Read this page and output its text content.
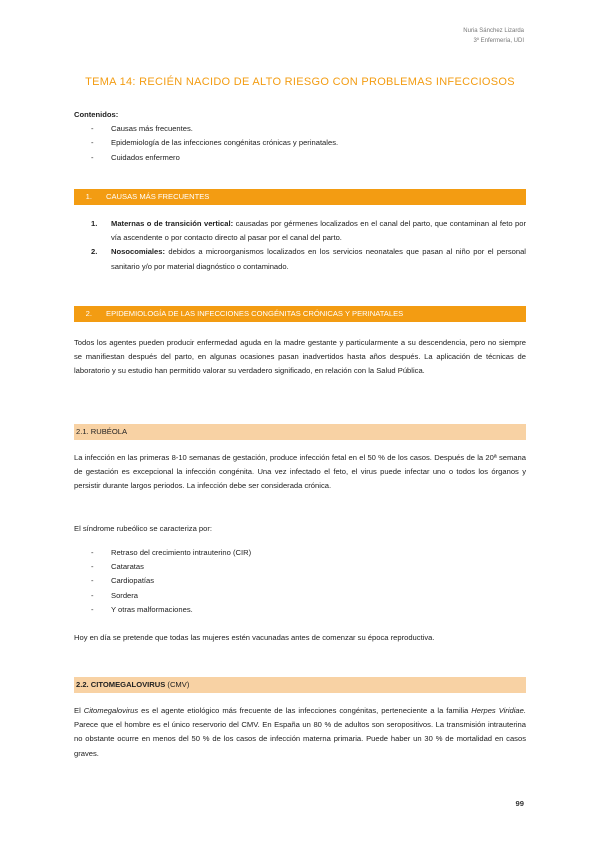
Nuria Sánchez Lizarda
3º Enfermería, UDI
TEMA 14: RECIÉN NACIDO DE ALTO RIESGO CON PROBLEMAS INFECCIOSOS
Contenidos:
- Causas más frecuentes.
- Epidemiología de las infecciones congénitas crónicas y perinatales.
- Cuidados enfermero
1. CAUSAS MÁS FRECUENTES
1. Maternas o de transición vertical: causadas por gérmenes localizados en el canal del parto, que contaminan al feto por vía ascendente o por contacto directo al pasar por el canal del parto.
2. Nosocomiales: debidos a microorganismos localizados en los servicios neonatales que pasan al niño por el personal sanitario y/o por material diagnóstico o contaminado.
2. EPIDEMIOLOGÍA DE LAS INFECCIONES CONGÉNITAS CRÓNICAS Y PERINATALES
Todos los agentes pueden producir enfermedad aguda en la madre gestante y particularmente a su descendencia, pero no siempre se manifiestan después del parto, en algunas ocasiones pasan inadvertidos hasta años después. La aplicación de técnicas de laboratorio y su estudio han permitido valorar su verdadero significado, en relación con la Salud Pública.
2.1. RUBÉOLA
La infección en las primeras 8-10 semanas de gestación, produce infección fetal en el 50 % de los casos. Después de la 20ª semana de gestación es excepcional la infección congénita. Una vez infectado el feto, el virus puede infectar uno o todos los órganos y persistir durante largos periodos. La infección debe ser considerada crónica.
El síndrome rubeólico se caracteriza por:
- Retraso del crecimiento intrauterino (CIR)
- Cataratas
- Cardiopatías
- Sordera
- Y otras malformaciones.
Hoy en día se pretende que todas las mujeres estén vacunadas antes de comenzar su época reproductiva.
2.2. CITOMEGALOVIRUS (CMV)
El Citomegalovirus es el agente etiológico más frecuente de las infecciones congénitas, perteneciente a la familia Herpes Viridiae. Parece que el hombre es el único reservorio del CMV. En España un 80 % de adultos son seropositivos. La transmisión intrauterina no obstante ocurre en menos del 50 % de los casos de infección materna primaria. Puede haber un 30 % de mortalidad en casos graves.
99
